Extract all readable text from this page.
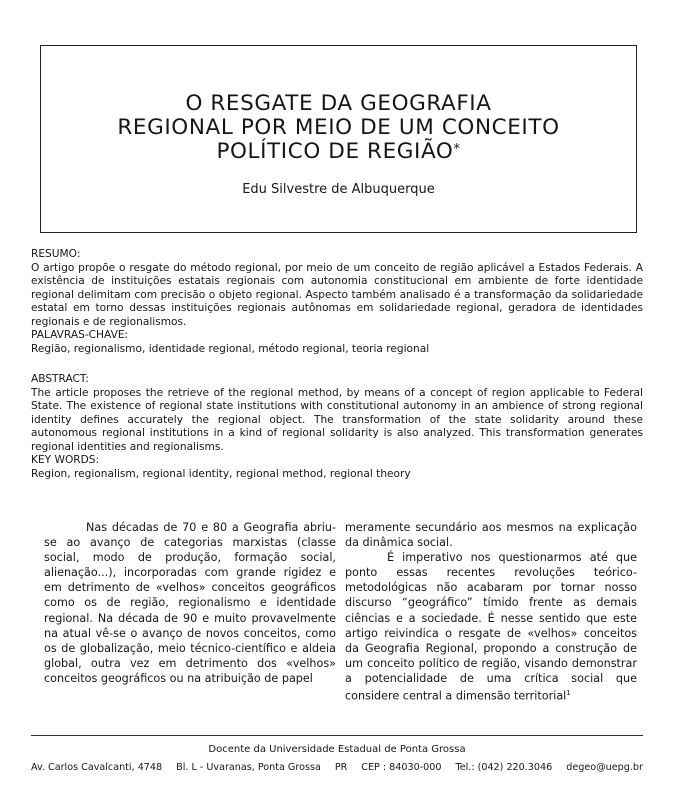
O RESGATE DA GEOGRAFIA
REGIONAL POR MEIO DE UM CONCEITO
POLÍTICO DE REGIÃO*
Edu Silvestre de Albuquerque
RESUMO:

O artigo propõe o resgate do método regional, por meio de um conceito de região aplicável a Estados Federais. A existência de instituições estatais regionais com autonomia constitucional em ambiente de forte identidade regional delimitam com precisão o objeto regional. Aspecto também analisado é a transformação da solidariedade estatal em torno dessas instituições regionais autônomas em solidariedade regional, geradora de identidades regionais e de regionalismos.

PALAVRAS-CHAVE:

Região, regionalismo, identidade regional, método regional, teoria regional

ABSTRACT:

The article proposes the retrieve of the regional method, by means of a concept of region applicable to Federal State. The existence of regional state institutions with constitutional autonomy in an ambience of strong regional identity defines accurately the regional object. The transformation of the state solidarity around these autonomous regional institutions in a kind of regional solidarity is also analyzed. This transformation generates regional identities and regionalisms.

KEY WORDS:

Region, regionalism, regional identity, regional method, regional theory

Nas décadas de 70 e 80 a Geografia abriu-se ao avanço de categorias marxistas (classe social, modo de produção, formação social, alienação...), incorporadas com grande rigidez e em detrimento de «velhos» conceitos geográficos como os de região, regionalismo e identidade regional. Na década de 90 e muito provavelmente na atual vê-se o avanço de novos conceitos, como os de globalização, meio técnico-científico e aldeia global, outra vez em detrimento dos «velhos» conceitos geográficos ou na atribuição de papel

meramente secundário aos mesmos na explicação da dinâmica social.

É imperativo nos questionarmos até que ponto essas recentes revoluções teórico-metodológicas não acabaram por tornar nosso discurso “geográfico” tímido frente as demais ciências e a sociedade. É nesse sentido que este artigo reivindica o resgate de «velhos» conceitos da Geografia Regional, propondo a construção de um conceito político de região, visando demonstrar a potencialidade de uma crítica social que considere central a dimensão territorial$^1$

Docente da Universidade Estadual de Ponta Grossa
Av. Carlos Cavalcanti, 4748 Bl. L - Uvaranas, Ponta Grossa PR CEP : 84030-000 Tel.: (042) 220.3046 degeo@uepg.br
